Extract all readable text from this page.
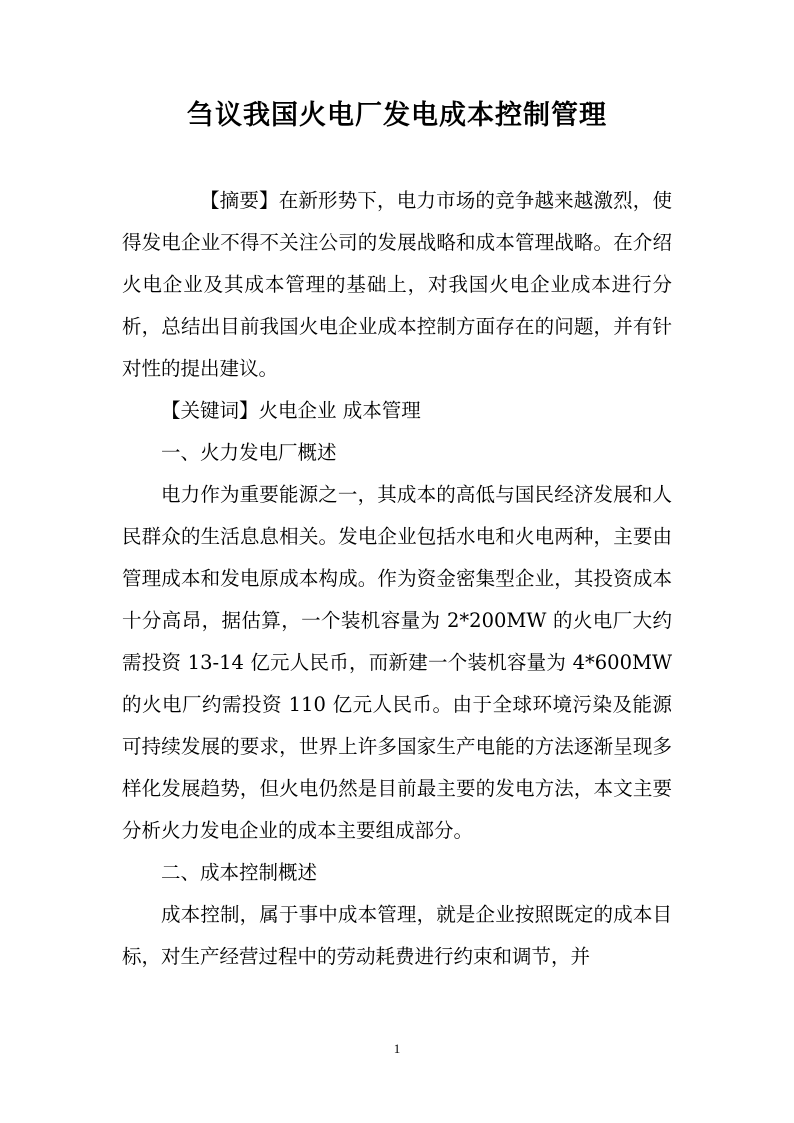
刍议我国火电厂发电成本控制管理

【摘要】在新形势下，电力市场的竞争越来越激烈，使得发电企业不得不关注公司的发展战略和成本管理战略。在介绍火电企业及其成本管理的基础上，对我国火电企业成本进行分析，总结出目前我国火电企业成本控制方面存在的问题，并有针对性的提出建议。

【关键词】火电企业 成本管理

一、火力发电厂概述

电力作为重要能源之一，其成本的高低与国民经济发展和人民群众的生活息息相关。发电企业包括水电和火电两种，主要由管理成本和发电原成本构成。作为资金密集型企业，其投资成本十分高昂，据估算，一个装机容量为 2*200MW 的火电厂大约需投资 13-14 亿元人民币，而新建一个装机容量为 4*600MW 的火电厂约需投资 110 亿元人民币。由于全球环境污染及能源可持续发展的要求，世界上许多国家生产电能的方法逐渐呈现多样化发展趋势，但火电仍然是目前最主要的发电方法，本文主要分析火力发电企业的成本主要组成部分。

二、成本控制概述

成本控制，属于事中成本管理，就是企业按照既定的成本目标，对生产经营过程中的劳动耗费进行约束和调节，并

1
